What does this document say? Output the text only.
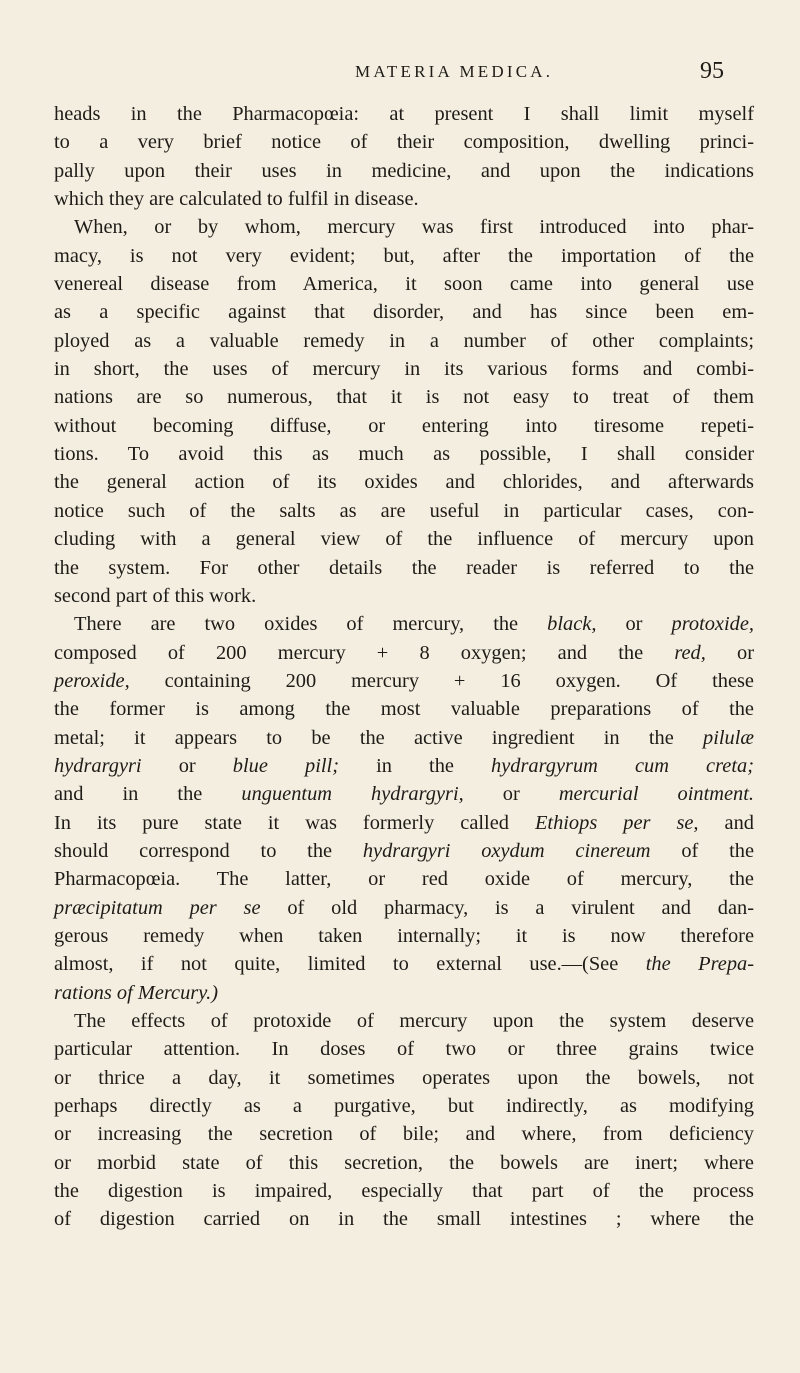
MATERIA MEDICA.	95
heads in the Pharmacopœia: at present I shall limit myself
to a very brief notice of their composition, dwelling princi-
pally upon their uses in medicine, and upon the indications
which they are calculated to fulfil in disease.
When, or by whom, mercury was first introduced into phar-
macy, is not very evident; but, after the importation of the
venereal disease from America, it soon came into general use
as a specific against that disorder, and has since been em-
ployed as a valuable remedy in a number of other complaints;
in short, the uses of mercury in its various forms and combi-
nations are so numerous, that it is not easy to treat of them
without becoming diffuse, or entering into tiresome repeti-
tions. To avoid this as much as possible, I shall consider
the general action of its oxides and chlorides, and afterwards
notice such of the salts as are useful in particular cases, con-
cluding with a general view of the influence of mercury upon
the system. For other details the reader is referred to the
second part of this work.
There are two oxides of mercury, the black, or protoxide,
composed of 200 mercury + 8 oxygen; and the red, or
peroxide, containing 200 mercury + 16 oxygen. Of these
the former is among the most valuable preparations of the
metal; it appears to be the active ingredient in the pilulæ
hydrargyri or blue pill; in the hydrargyrum cum creta;
and in the unguentum hydrargyri, or mercurial ointment.
In its pure state it was formerly called Ethiops per se, and
should correspond to the hydrargyri oxydum cinereum of the
Pharmacopœia. The latter, or red oxide of mercury, the
præcipitatum per se of old pharmacy, is a virulent and dan-
gerous remedy when taken internally; it is now therefore
almost, if not quite, limited to external use.—(See the Prepa-
rations of Mercury.)
The effects of protoxide of mercury upon the system deserve
particular attention. In doses of two or three grains twice
or thrice a day, it sometimes operates upon the bowels, not
perhaps directly as a purgative, but indirectly, as modifying
or increasing the secretion of bile; and where, from deficiency
or morbid state of this secretion, the bowels are inert; where
the digestion is impaired, especially that part of the process
of digestion carried on in the small intestines ; where the
